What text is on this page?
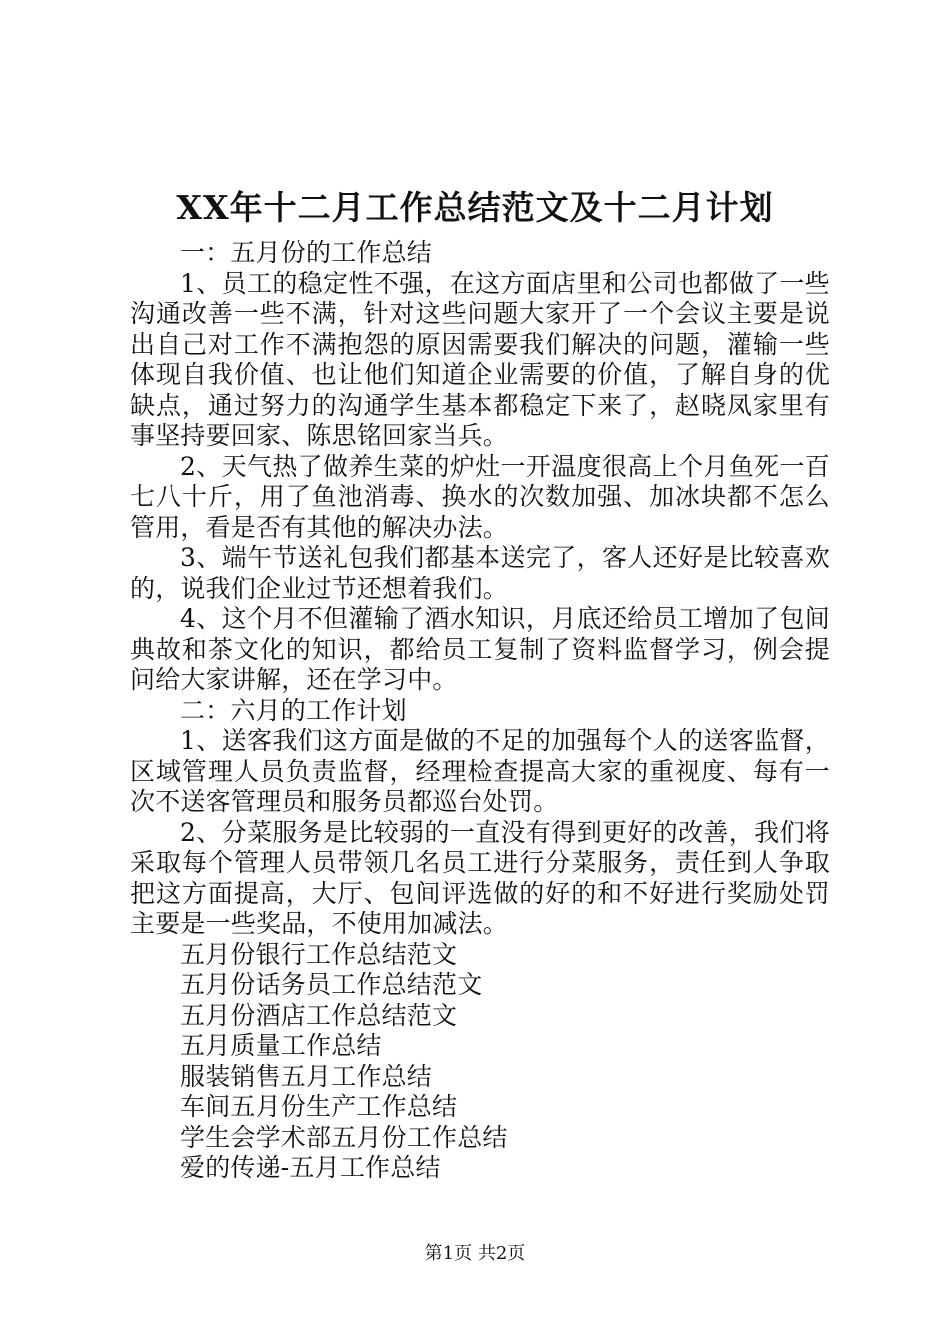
XX年十二月工作总结范文及十二月计划
一：五月份的工作总结
1、员工的稳定性不强，在这方面店里和公司也都做了一些沟通改善一些不满，针对这些问题大家开了一个会议主要是说出自己对工作不满抱怨的原因需要我们解决的问题，灌输一些体现自我价值、也让他们知道企业需要的价值，了解自身的优缺点，通过努力的沟通学生基本都稳定下来了，赵晓凤家里有事坚持要回家、陈思铭回家当兵。
2、天气热了做养生菜的炉灶一开温度很高上个月鱼死一百七八十斤，用了鱼池消毒、换水的次数加强、加冰块都不怎么管用，看是否有其他的解决办法。
3、端午节送礼包我们都基本送完了，客人还好是比较喜欢的，说我们企业过节还想着我们。
4、这个月不但灌输了酒水知识，月底还给员工增加了包间典故和茶文化的知识，都给员工复制了资料监督学习，例会提问给大家讲解，还在学习中。
二：六月的工作计划
1、送客我们这方面是做的不足的加强每个人的送客监督，区域管理人员负责监督，经理检查提高大家的重视度、每有一次不送客管理员和服务员都巡台处罚。
2、分菜服务是比较弱的一直没有得到更好的改善，我们将采取每个管理人员带领几名员工进行分菜服务，责任到人争取把这方面提高，大厅、包间评选做的好的和不好进行奖励处罚主要是一些奖品，不使用加减法。
五月份银行工作总结范文
五月份话务员工作总结范文
五月份酒店工作总结范文
五月质量工作总结
服装销售五月工作总结
车间五月份生产工作总结
学生会学术部五月份工作总结
爱的传递-五月工作总结
第1页 共2页
